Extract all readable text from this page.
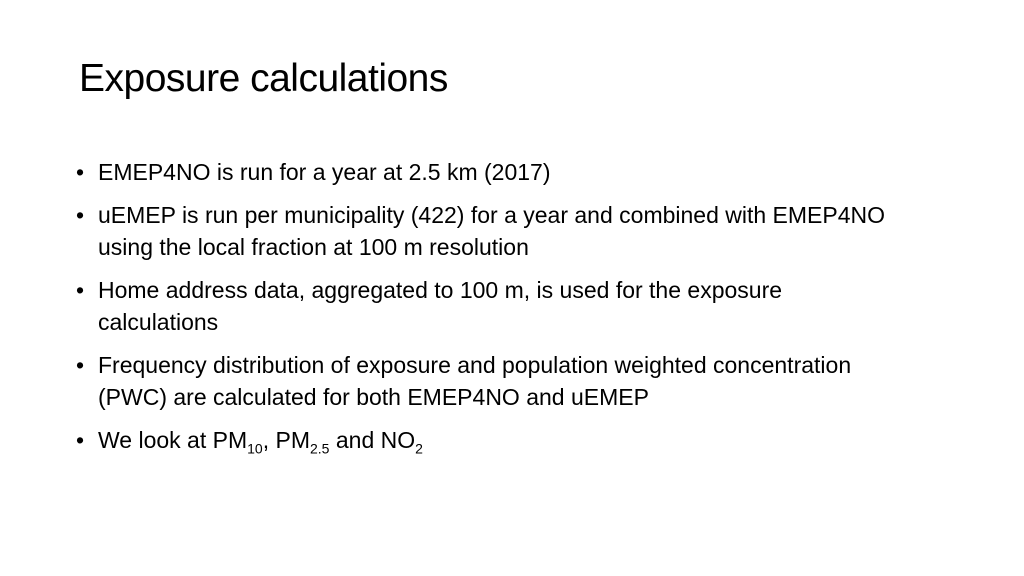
Exposure calculations
• EMEP4NO is run for a year at 2.5 km (2017)
• uEMEP is run per municipality (422) for a year and combined with EMEP4NO using the local fraction at 100 m resolution
• Home address data, aggregated to 100 m, is used for the exposure calculations
• Frequency distribution of exposure and population weighted concentration (PWC) are calculated for both EMEP4NO and uEMEP
• We look at $PM_{10}$, $PM_{2.5}$ and $NO_2$
